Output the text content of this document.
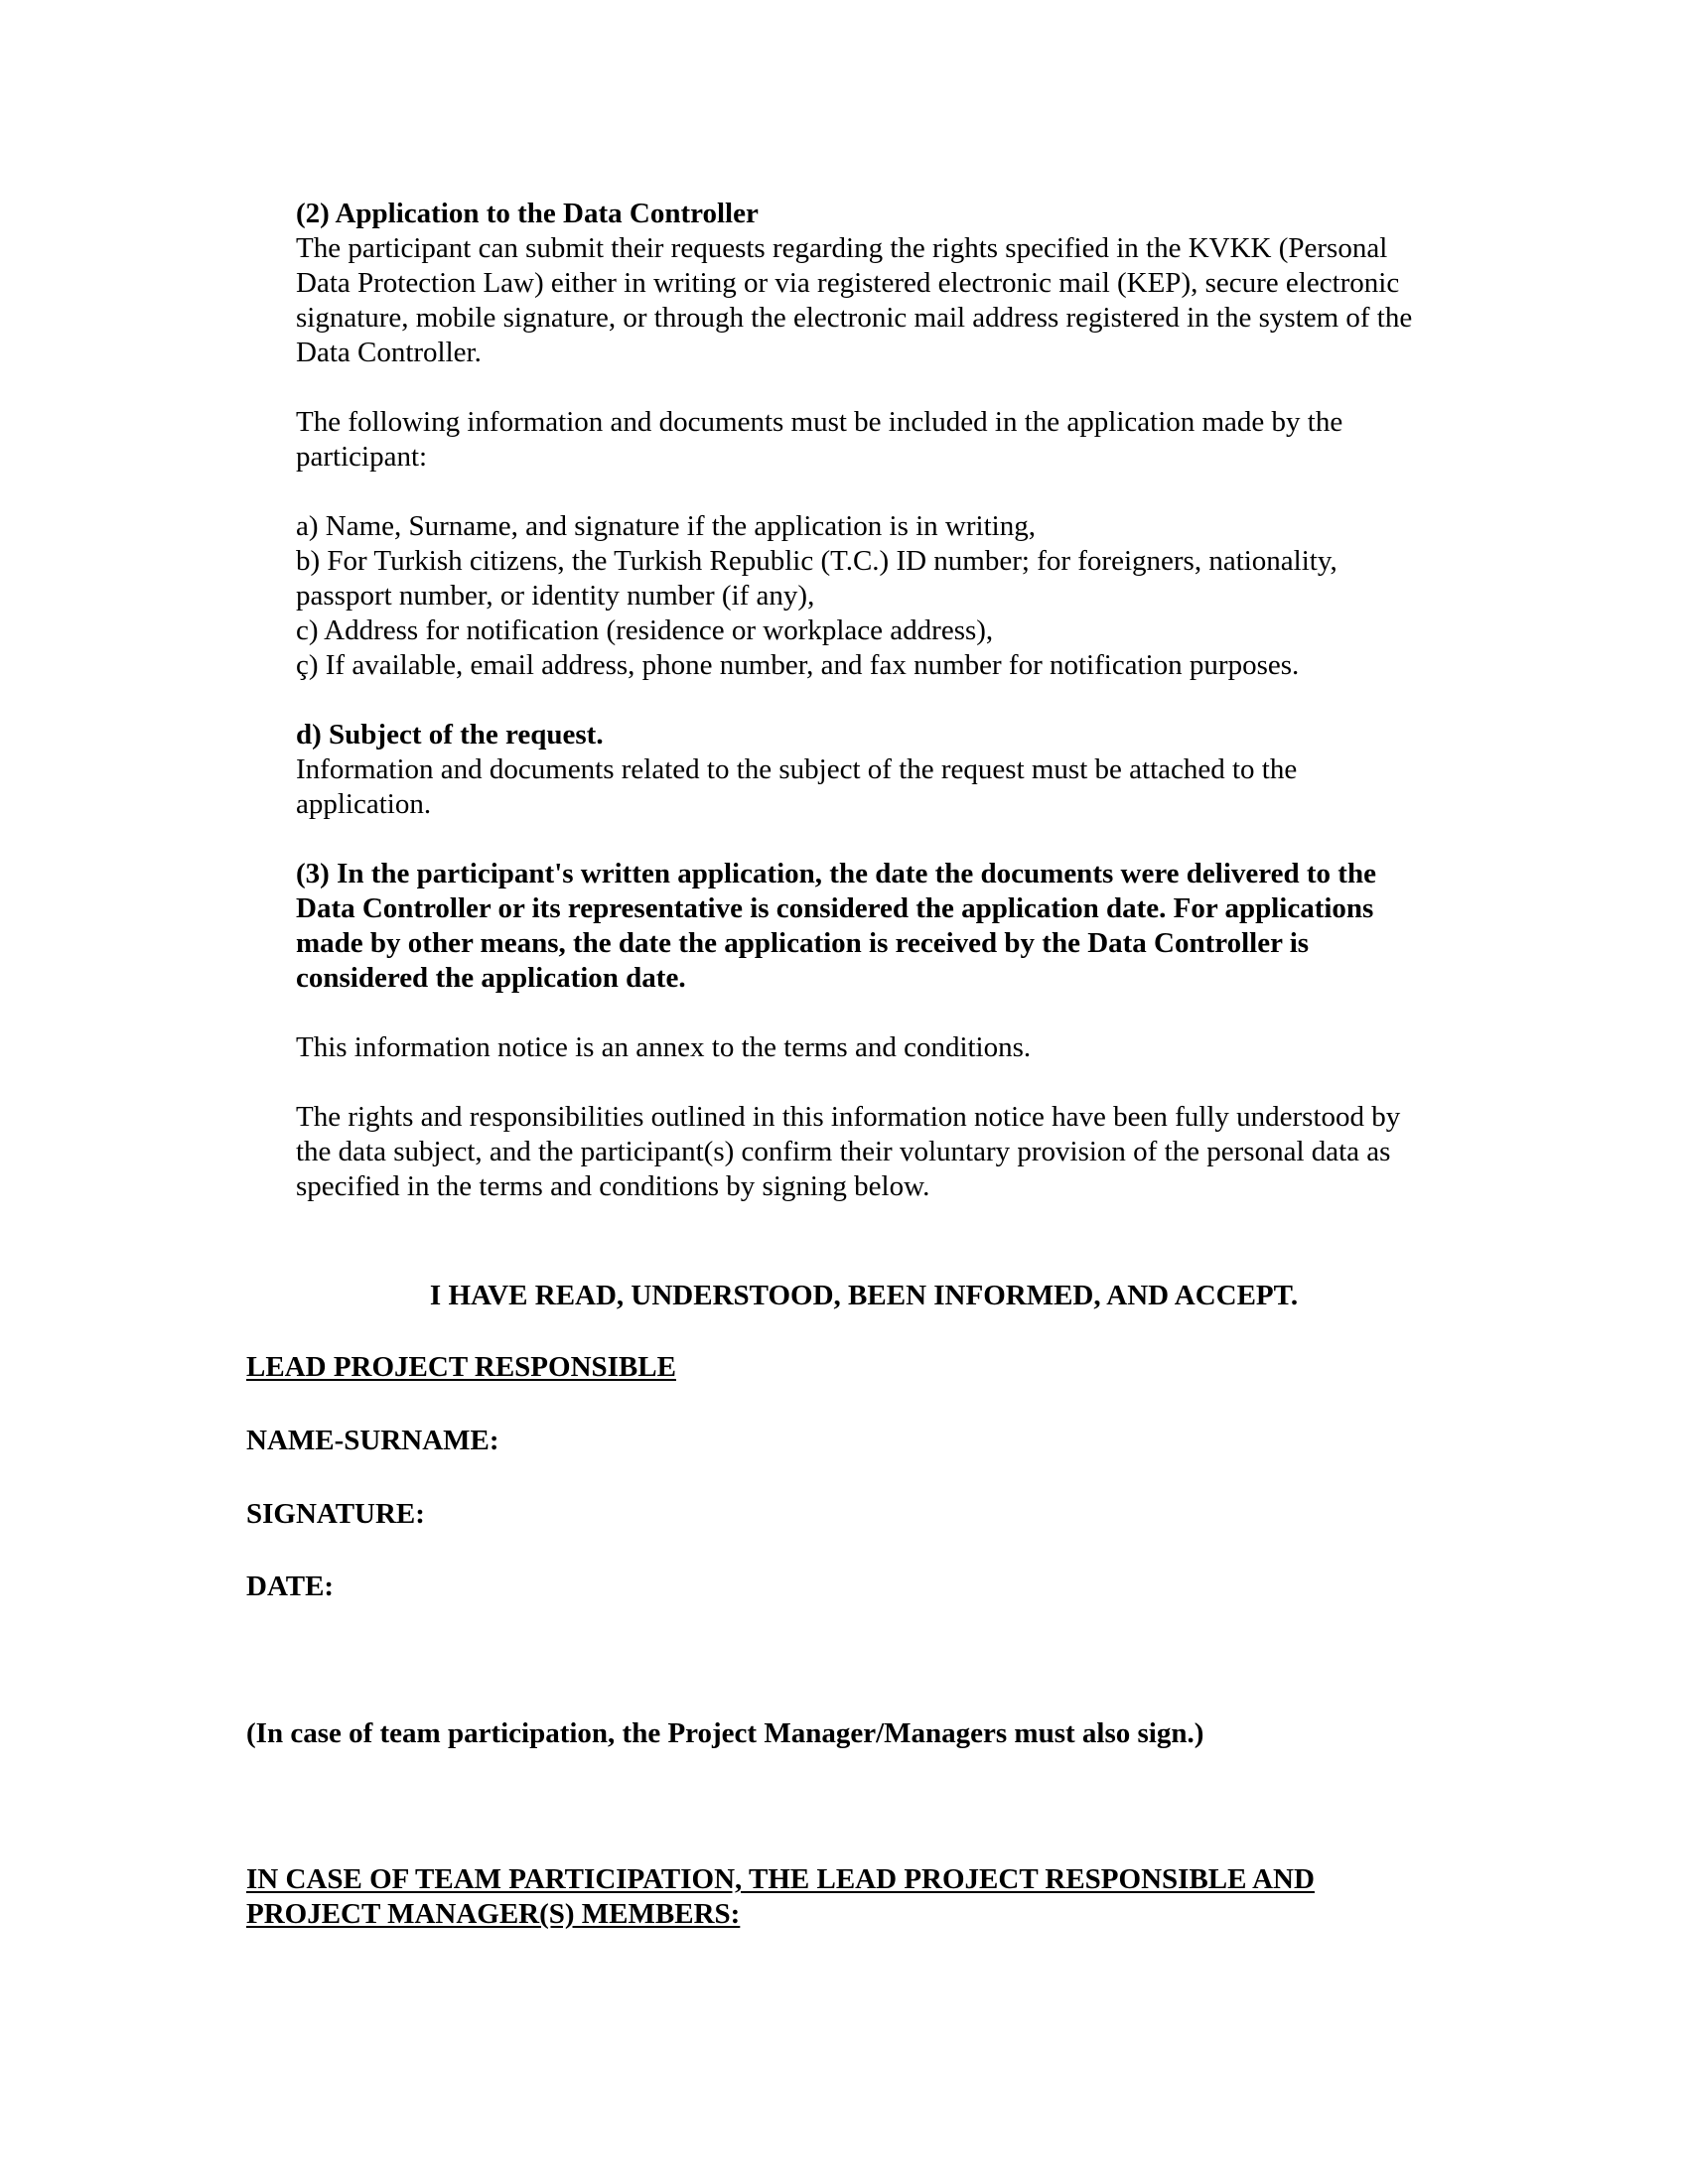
(2) Application to the Data Controller
The participant can submit their requests regarding the rights specified in the KVKK (Personal
Data Protection Law) either in writing or via registered electronic mail (KEP), secure electronic
signature, mobile signature, or through the electronic mail address registered in the system of the
Data Controller.
The following information and documents must be included in the application made by the
participant:
a) Name, Surname, and signature if the application is in writing,
b) For Turkish citizens, the Turkish Republic (T.C.) ID number; for foreigners, nationality,
passport number, or identity number (if any),
c) Address for notification (residence or workplace address),
ç) If available, email address, phone number, and fax number for notification purposes.
d) Subject of the request.
Information and documents related to the subject of the request must be attached to the
application.
(3) In the participant's written application, the date the documents were delivered to the
Data Controller or its representative is considered the application date. For applications
made by other means, the date the application is received by the Data Controller is
considered the application date.
This information notice is an annex to the terms and conditions.
The rights and responsibilities outlined in this information notice have been fully understood by
the data subject, and the participant(s) confirm their voluntary provision of the personal data as
specified in the terms and conditions by signing below.
I HAVE READ, UNDERSTOOD, BEEN INFORMED, AND ACCEPT.
LEAD PROJECT RESPONSIBLE
NAME-SURNAME:
SIGNATURE:
DATE:
(In case of team participation, the Project Manager/Managers must also sign.)
IN CASE OF TEAM PARTICIPATION, THE LEAD PROJECT RESPONSIBLE AND
PROJECT MANAGER(S) MEMBERS:
